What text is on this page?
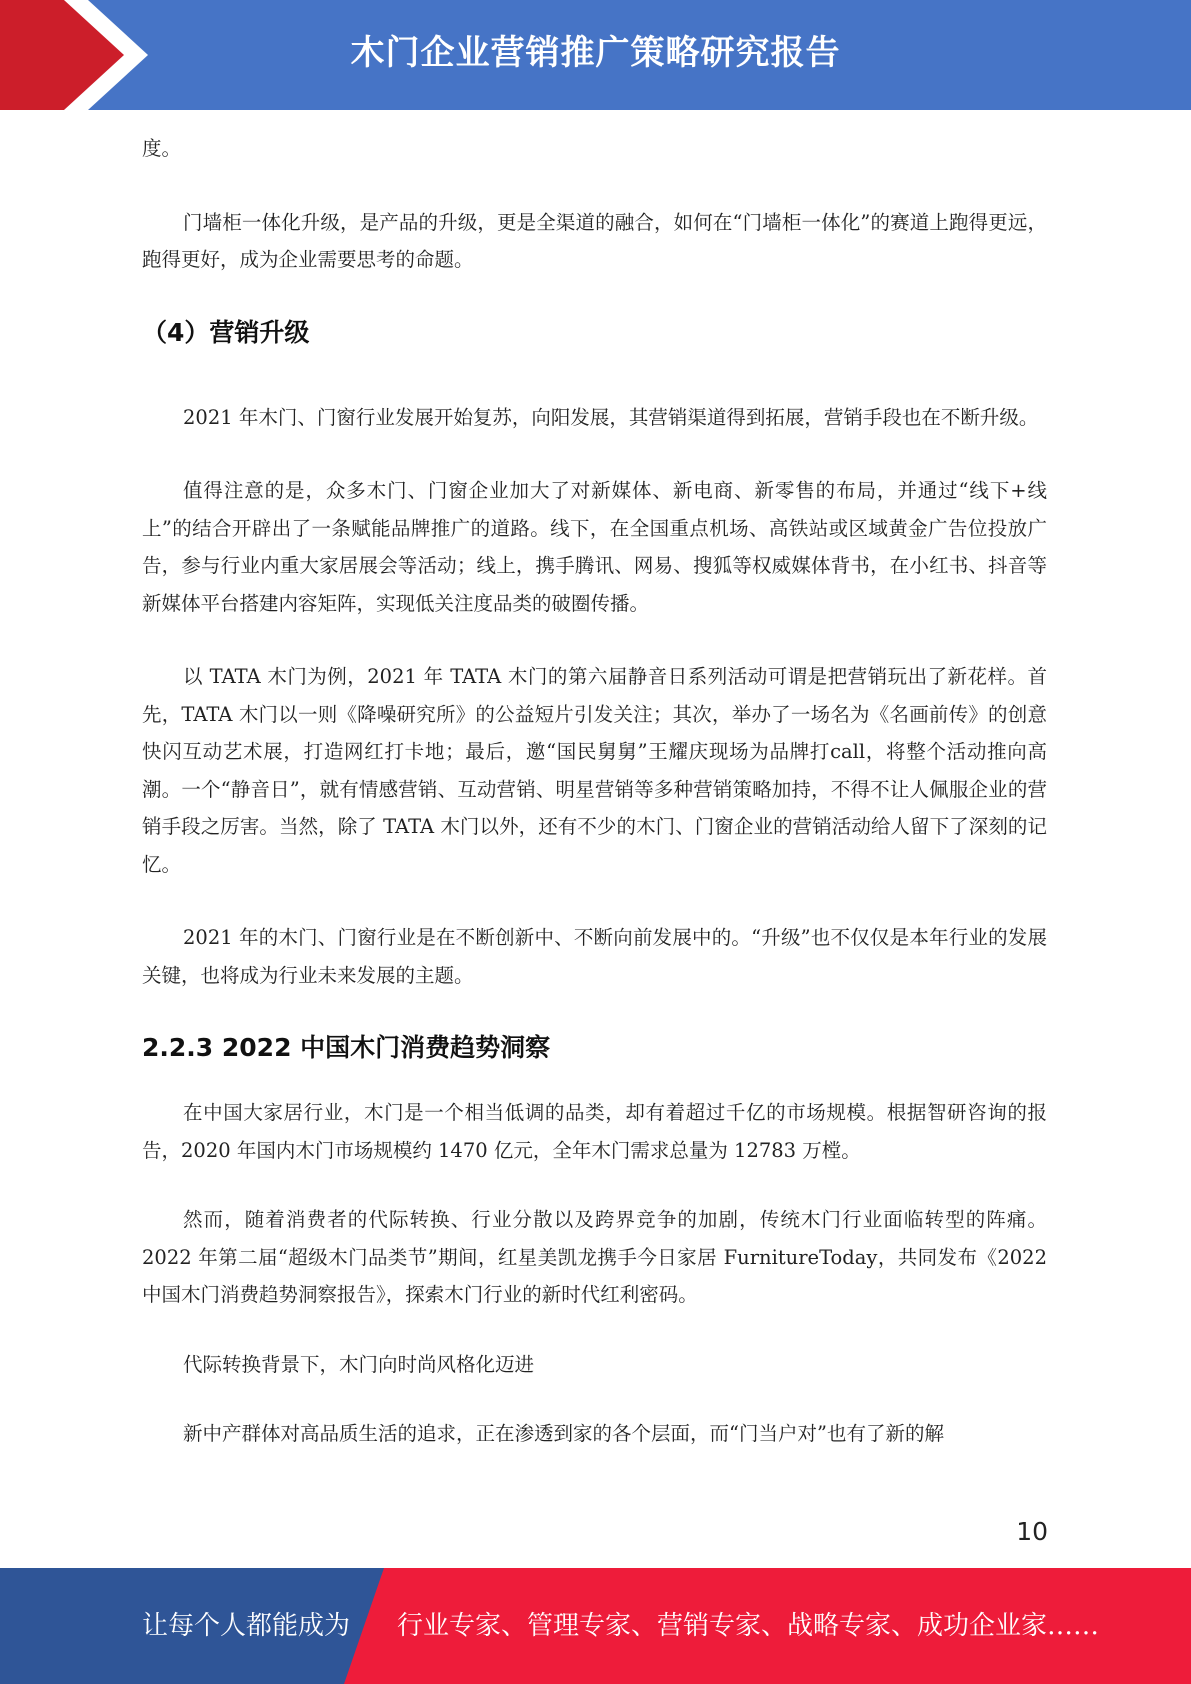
木门企业营销推广策略研究报告

度。

门墙柜一体化升级，是产品的升级，更是全渠道的融合，如何在“门墙柜一体化”的赛道上跑得更远，跑得更好，成为企业需要思考的命题。

（4）营销升级

2021 年木门、门窗行业发展开始复苏，向阳发展，其营销渠道得到拓展，营销手段也在不断升级。

值得注意的是，众多木门、门窗企业加大了对新媒体、新电商、新零售的布局，并通过“线下+线上”的结合开辟出了一条赋能品牌推广的道路。线下，在全国重点机场、高铁站或区域黄金广告位投放广告，参与行业内重大家居展会等活动；线上，携手腾讯、网易、搜狐等权威媒体背书，在小红书、抖音等新媒体平台搭建内容矩阵，实现低关注度品类的破圈传播。

以 TATA 木门为例，2021 年 TATA 木门的第六届静音日系列活动可谓是把营销玩出了新花样。首先，TATA 木门以一则《降噪研究所》的公益短片引发关注；其次，举办了一场名为《名画前传》的创意快闪互动艺术展，打造网红打卡地；最后，邀“国民舅舅”王耀庆现场为品牌打call，将整个活动推向高潮。一个“静音日”，就有情感营销、互动营销、明星营销等多种营销策略加持，不得不让人佩服企业的营销手段之厉害。当然，除了 TATA 木门以外，还有不少的木门、门窗企业的营销活动给人留下了深刻的记忆。

2021 年的木门、门窗行业是在不断创新中、不断向前发展中的。“升级”也不仅仅是本年行业的发展关键，也将成为行业未来发展的主题。

2.2.3 2022 中国木门消费趋势洞察

在中国大家居行业，木门是一个相当低调的品类，却有着超过千亿的市场规模。根据智研咨询的报告，2020 年国内木门市场规模约 1470 亿元，全年木门需求总量为 12783 万樘。

然而，随着消费者的代际转换、行业分散以及跨界竞争的加剧，传统木门行业面临转型的阵痛。2022 年第二届“超级木门品类节”期间，红星美凯龙携手今日家居 FurnitureToday，共同发布《2022 中国木门消费趋势洞察报告》，探索木门行业的新时代红利密码。

代际转换背景下，木门向时尚风格化迈进

新中产群体对高品质生活的追求，正在渗透到家的各个层面，而“门当户对”也有了新的解

10
让每个人都能成为 行业专家、管理专家、营销专家、战略专家、成功企业家……
